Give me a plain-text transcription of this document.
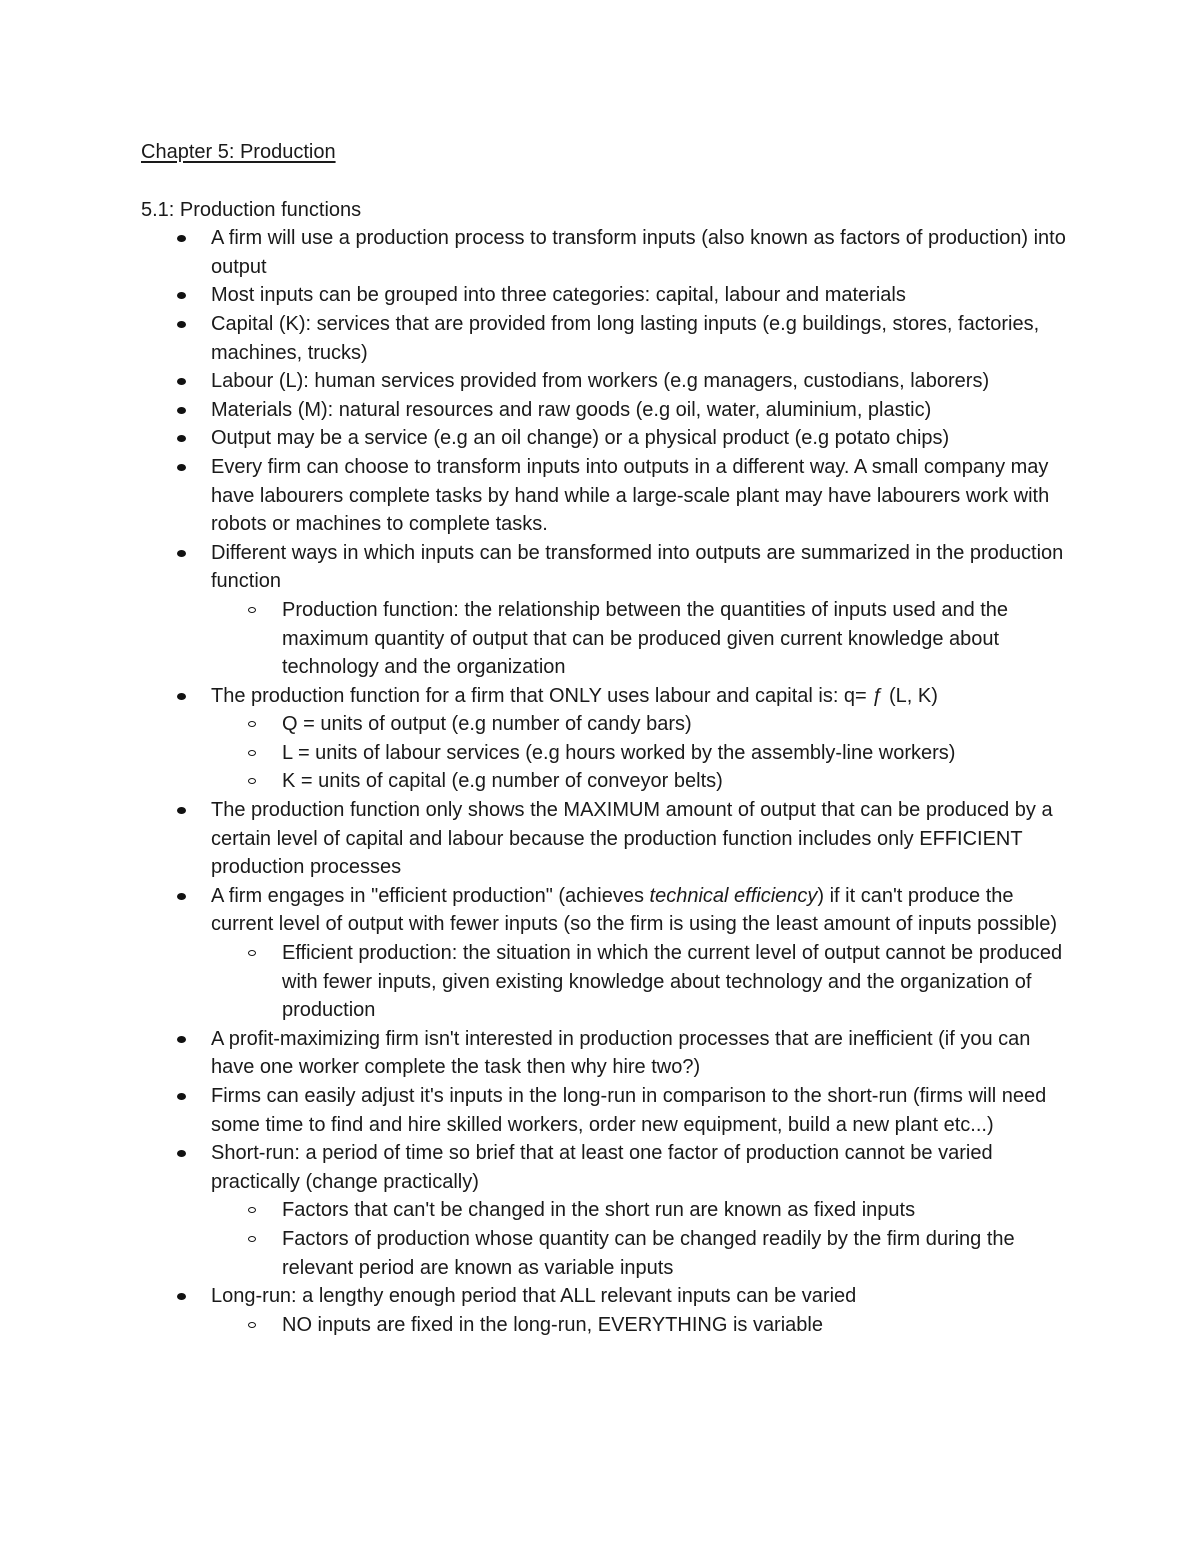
Chapter 5: Production
5.1: Production functions
A firm will use a production process to transform inputs (also known as factors of production) into output
Most inputs can be grouped into three categories: capital, labour and materials
Capital (K): services that are provided from long lasting inputs (e.g buildings, stores, factories, machines, trucks)
Labour (L): human services provided from workers (e.g managers, custodians, laborers)
Materials (M): natural resources and raw goods (e.g oil, water, aluminium, plastic)
Output may be a service (e.g an oil change) or a physical product (e.g potato chips)
Every firm can choose to transform inputs into outputs in a different way. A small company may have labourers complete tasks by hand while a large-scale plant may have labourers work with robots or machines to complete tasks.
Different ways in which inputs can be transformed into outputs are summarized in the production function
Production function: the relationship between the quantities of inputs used and the maximum quantity of output that can be produced given current knowledge about technology and the organization
The production function for a firm that ONLY uses labour and capital is: q= ƒ (L, K)
Q = units of output (e.g number of candy bars)
L = units of labour services (e.g hours worked by the assembly-line workers)
K = units of capital (e.g number of conveyor belts)
The production function only shows the MAXIMUM amount of output that can be produced by a certain level of capital and labour because the production function includes only EFFICIENT production processes
A firm engages in "efficient production" (achieves technical efficiency) if it can't produce the current level of output with fewer inputs (so the firm is using the least amount of inputs possible)
Efficient production: the situation in which the current level of output cannot be produced with fewer inputs, given existing knowledge about technology and the organization of production
A profit-maximizing firm isn't interested in production processes that are inefficient (if you can have one worker complete the task then why hire two?)
Firms can easily adjust it's inputs in the long-run in comparison to the short-run (firms will need some time to find and hire skilled workers, order new equipment, build a new plant etc...)
Short-run: a period of time so brief that at least one factor of production cannot be varied practically (change practically)
Factors that can't be changed in the short run are known as fixed inputs
Factors of production whose quantity can be changed readily by the firm during the relevant period are known as variable inputs
Long-run: a lengthy enough period that ALL relevant inputs can be varied
NO inputs are fixed in the long-run, EVERYTHING is variable
